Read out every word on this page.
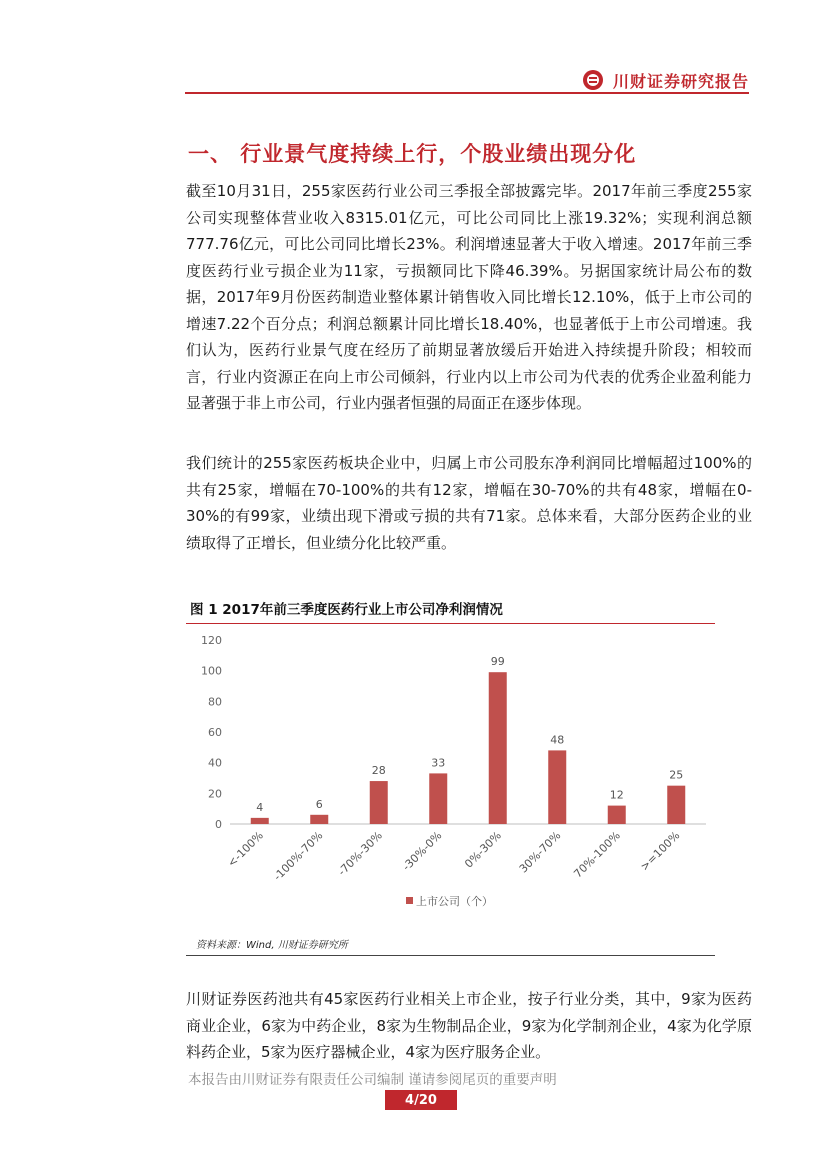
川财证券研究报告
一、 行业景气度持续上行，个股业绩出现分化
截至10月31日，255家医药行业公司三季报全部披露完毕。2017年前三季度255家公司实现整体营业收入8315.01亿元，可比公司同比上涨19.32%；实现利润总额777.76亿元，可比公司同比增长23%。利润增速显著大于收入增速。2017年前三季度医药行业亏损企业为11家，亏损额同比下降46.39%。另据国家统计局公布的数据，2017年9月份医药制造业整体累计销售收入同比增长12.10%，低于上市公司的增速7.22个百分点；利润总额累计同比增长18.40%，也显著低于上市公司增速。我们认为，医药行业景气度在经历了前期显著放缓后开始进入持续提升阶段；相较而言，行业内资源正在向上市公司倾斜，行业内以上市公司为代表的优秀企业盈利能力显著强于非上市公司，行业内强者恒强的局面正在逐步体现。
我们统计的255家医药板块企业中，归属上市公司股东净利润同比增幅超过100%的共有25家，增幅在70-100%的共有12家，增幅在30-70%的共有48家，增幅在0-30%的有99家，业绩出现下滑或亏损的共有71家。总体来看，大部分医药企业的业绩取得了正增长，但业绩分化比较严重。
图 1 2017年前三季度医药行业上市公司净利润情况
0
20
40
60
80
100
120
4
<-100%
6
-100%-70%
28
-70%-30%
33
-30%-0%
99
0%-30%
48
30%-70%
12
70%-100%
25
>=100%
上市公司（个）
资料来源：Wind, 川财证券研究所
川财证券医药池共有45家医药行业相关上市企业，按子行业分类，其中，9家为医药商业企业，6家为中药企业，8家为生物制品企业，9家为化学制剂企业，4家为化学原料药企业，5家为医疗器械企业，4家为医疗服务企业。
本报告由川财证券有限责任公司编制 谨请参阅尾页的重要声明
4/20
